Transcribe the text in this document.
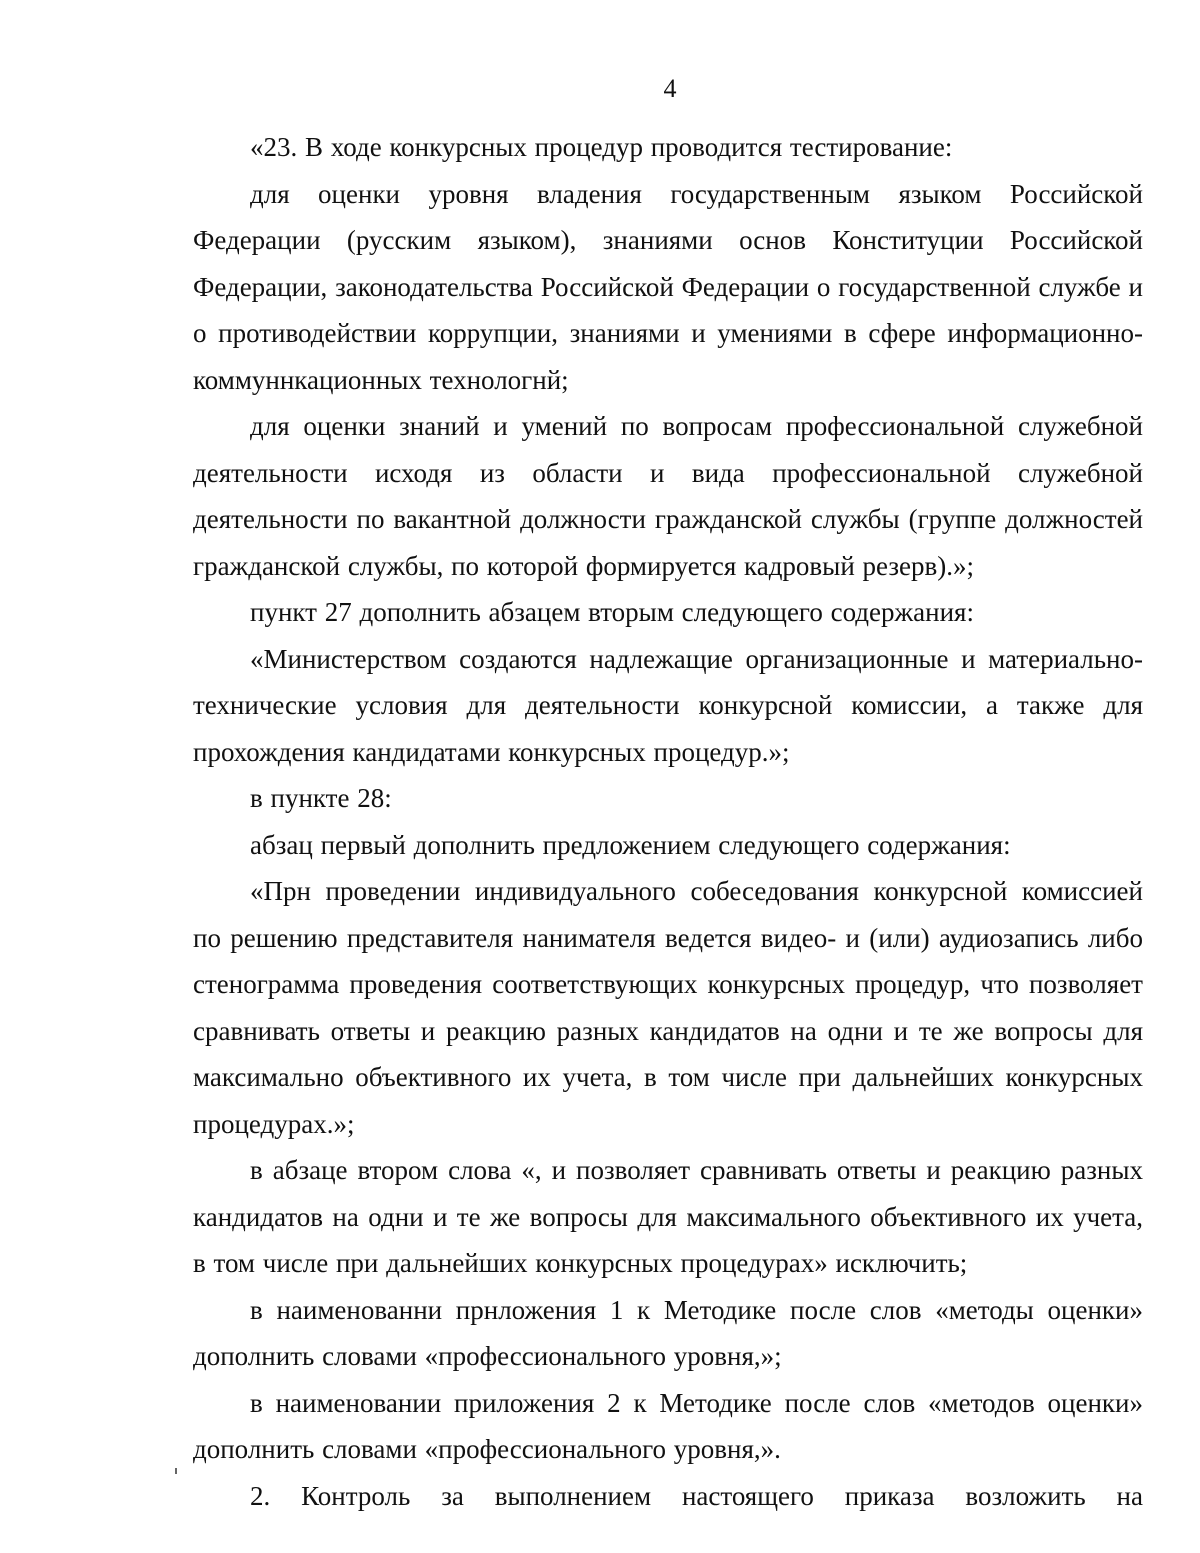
4

«23. В ходе конкурсных процедур проводится тестирование:

для оценки уровня владения государственным языком Российской Федерации (русским языком), знаниями основ Конституции Российской Федерации, законодательства Российской Федерации о государственной службе и о противодействии коррупции, знаниями и умениями в сфере информационно-коммуннкационных технологнй;

для оценки знаний и умений по вопросам профессиональной служебной деятельности исходя из области и вида профессиональной служебной деятельности по вакантной должности гражданской службы (группе должностей гражданской службы, по которой формируется кадровый резерв).»;

пункт 27 дополнить абзацем вторым следующего содержания:

«Министерством создаются надлежащие организационные и материально-технические условия для деятельности конкурсной комиссии, а также для прохождения кандидатами конкурсных процедур.»;

в пункте 28:

абзац первый дополнить предложением следующего содержания:

«Прн проведении индивидуального собеседования конкурсной комиссией по решению представителя нанимателя ведется видео- и (или) аудиозапись либо стенограмма проведения соответствующих конкурсных процедур, что позволяет сравнивать ответы и реакцию разных кандидатов на одни и те же вопросы для максимально объективного их учета, в том числе при дальнейших конкурсных процедурах.»;

в абзаце втором слова «, и позволяет сравнивать ответы и реакцию разных кандидатов на одни и те же вопросы для максимального объективного их учета, в том числе при дальнейших конкурсных процедурах» исключить;

в наименованни прнложения 1 к Методике после слов «методы оценки» дополнить словами «профессионального уровня,»;

в наименовании приложения 2 к Методике после слов «методов оценки» дополнить словами «профессионального уровня,».

2. Контроль за выполнением настоящего приказа возложить на
